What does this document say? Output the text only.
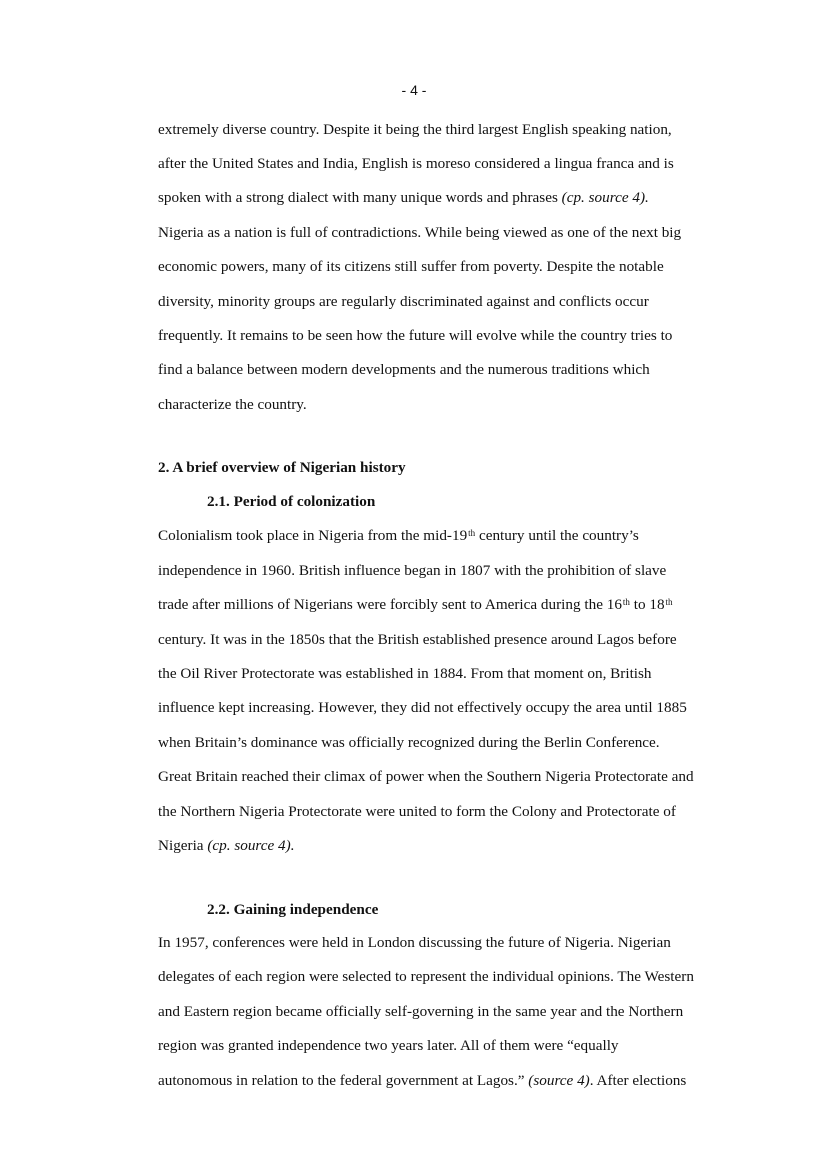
- 4 -
extremely diverse country. Despite it being the third largest English speaking nation,
after the United States and India, English is moreso considered a lingua franca and is
spoken with a strong dialect with many unique words and phrases (cp. source 4).
Nigeria as a nation is full of contradictions. While being viewed as one of the next big
economic powers, many of its citizens still suffer from poverty. Despite the notable
diversity, minority groups are regularly discriminated against and conflicts occur
frequently. It remains to be seen how the future will evolve while the country tries to
find a balance between modern developments and the numerous traditions which
characterize the country.
2. A brief overview of Nigerian history
2.1. Period of colonization
Colonialism took place in Nigeria from the mid-19th century until the country’s
independence in 1960. British influence began in 1807 with the prohibition of slave
trade after millions of Nigerians were forcibly sent to America during the 16th to 18th
century. It was in the 1850s that the British established presence around Lagos before
the Oil River Protectorate was established in 1884. From that moment on, British
influence kept increasing. However, they did not effectively occupy the area until 1885
when Britain’s dominance was officially recognized during the Berlin Conference.
Great Britain reached their climax of power when the Southern Nigeria Protectorate and
the Northern Nigeria Protectorate were united to form the Colony and Protectorate of
Nigeria (cp. source 4).
2.2. Gaining independence
In 1957, conferences were held in London discussing the future of Nigeria. Nigerian
delegates of each region were selected to represent the individual opinions. The Western
and Eastern region became officially self-governing in the same year and the Northern
region was granted independence two years later. All of them were “equally
autonomous in relation to the federal government at Lagos.” (source 4). After elections
